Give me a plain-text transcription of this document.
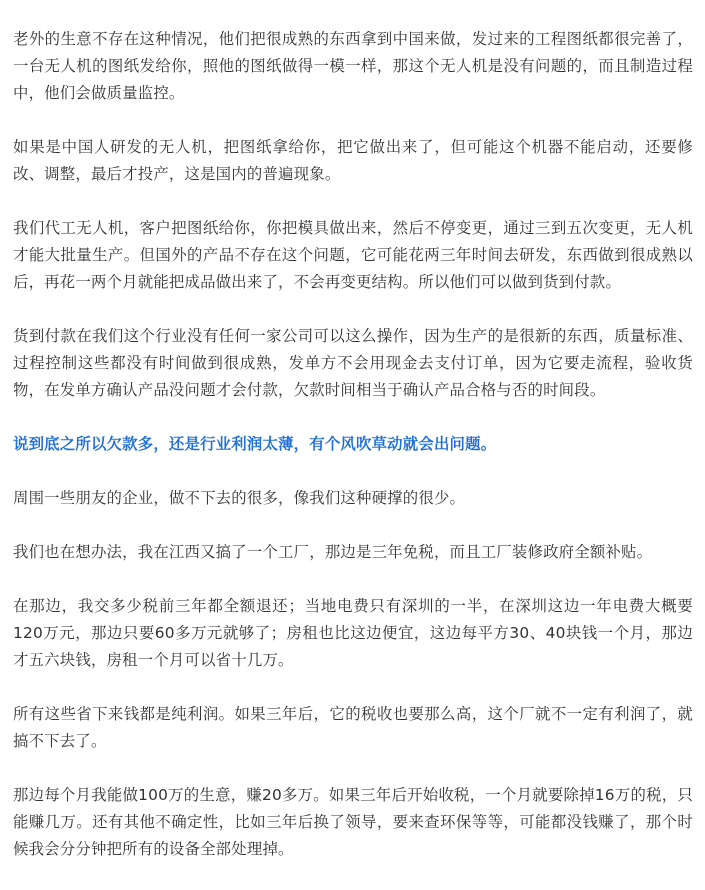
老外的生意不存在这种情况，他们把很成熟的东西拿到中国来做，发过来的工程图纸都很完善了，一台无人机的图纸发给你，照他的图纸做得一模一样，那这个无人机是没有问题的，而且制造过程中，他们会做质量监控。

如果是中国人研发的无人机，把图纸拿给你，把它做出来了，但可能这个机器不能启动，还要修改、调整，最后才投产，这是国内的普遍现象。

我们代工无人机，客户把图纸给你，你把模具做出来，然后不停变更，通过三到五次变更，无人机才能大批量生产。但国外的产品不存在这个问题，它可能花两三年时间去研发，东西做到很成熟以后，再花一两个月就能把成品做出来了，不会再变更结构。所以他们可以做到货到付款。

货到付款在我们这个行业没有任何一家公司可以这么操作，因为生产的是很新的东西，质量标准、过程控制这些都没有时间做到很成熟，发单方不会用现金去支付订单，因为它要走流程，验收货物，在发单方确认产品没问题才会付款，欠款时间相当于确认产品合格与否的时间段。

说到底之所以欠款多，还是行业利润太薄，有个风吹草动就会出问题。

周围一些朋友的企业，做不下去的很多，像我们这种硬撑的很少。

我们也在想办法，我在江西又搞了一个工厂，那边是三年免税，而且工厂装修政府全额补贴。

在那边，我交多少税前三年都全额退还；当地电费只有深圳的一半，在深圳这边一年电费大概要120万元，那边只要60多万元就够了；房租也比这边便宜，这边每平方30、40块钱一个月，那边才五六块钱，房租一个月可以省十几万。

所有这些省下来钱都是纯利润。如果三年后，它的税收也要那么高，这个厂就不一定有利润了，就搞不下去了。

那边每个月我能做100万的生意，赚20多万。如果三年后开始收税，一个月就要除掉16万的税，只能赚几万。还有其他不确定性，比如三年后换了领导，要来查环保等等，可能都没钱赚了，那个时候我会分分钟把所有的设备全部处理掉。
